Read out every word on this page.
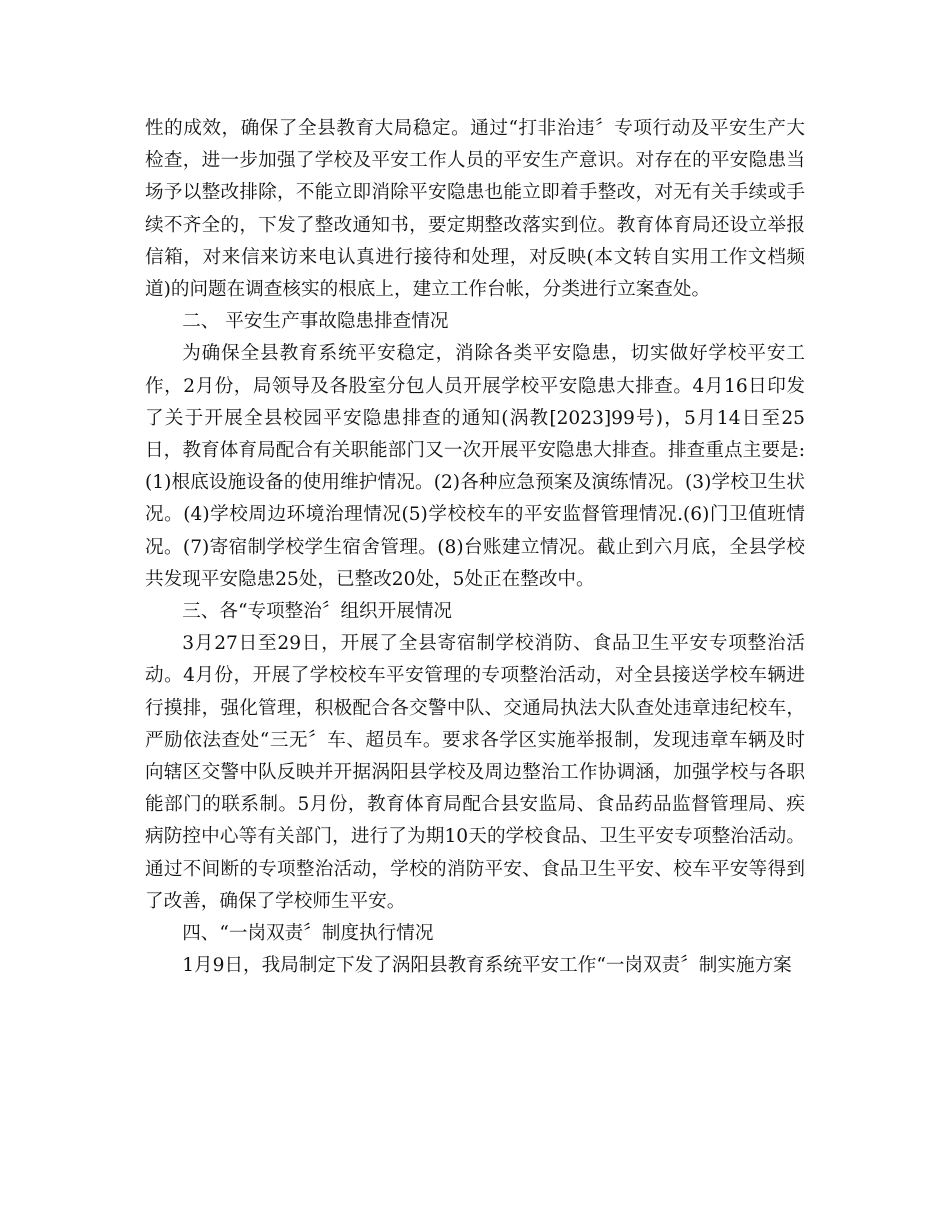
性的成效，确保了全县教育大局稳定。通过“打非治违〞专项行动及平安生产大检查，进一步加强了学校及平安工作人员的平安生产意识。对存在的平安隐患当场予以整改排除，不能立即消除平安隐患也能立即着手整改，对无有关手续或手续不齐全的，下发了整改通知书，要定期整改落实到位。教育体育局还设立举报信箱，对来信来访来电认真进行接待和处理，对反映(本文转自实用工作文档频道)的问题在调查核实的根底上，建立工作台帐，分类进行立案查处。

二、 平安生产事故隐患排查情况

为确保全县教育系统平安稳定，消除各类平安隐患，切实做好学校平安工作，2月份，局领导及各股室分包人员开展学校平安隐患大排查。4月16日印发了关于开展全县校园平安隐患排查的通知(涡教[2023]99号)，5月14日至25日，教育体育局配合有关职能部门又一次开展平安隐患大排查。排查重点主要是:(1)根底设施设备的使用维护情况。(2)各种应急预案及演练情况。(3)学校卫生状况。(4)学校周边环境治理情况(5)学校校车的平安监督管理情况.(6)门卫值班情况。(7)寄宿制学校学生宿舍管理。(8)台账建立情况。截止到六月底，全县学校共发现平安隐患25处，已整改20处，5处正在整改中。

三、各“专项整治〞组织开展情况

3月27日至29日，开展了全县寄宿制学校消防、食品卫生平安专项整治活动。4月份，开展了学校校车平安管理的专项整治活动，对全县接送学校车辆进行摸排，强化管理，积极配合各交警中队、交通局执法大队查处违章违纪校车，严励依法查处“三无〞车、超员车。要求各学区实施举报制，发现违章车辆及时向辖区交警中队反映并开据涡阳县学校及周边整治工作协调涵，加强学校与各职能部门的联系制。5月份，教育体育局配合县安监局、食品药品监督管理局、疾病防控中心等有关部门，进行了为期10天的学校食品、卫生平安专项整治活动。通过不间断的专项整治活动，学校的消防平安、食品卫生平安、校车平安等得到了改善，确保了学校师生平安。

四、“一岗双责〞制度执行情况

1月9日，我局制定下发了涡阳县教育系统平安工作“一岗双责〞制实施方案
